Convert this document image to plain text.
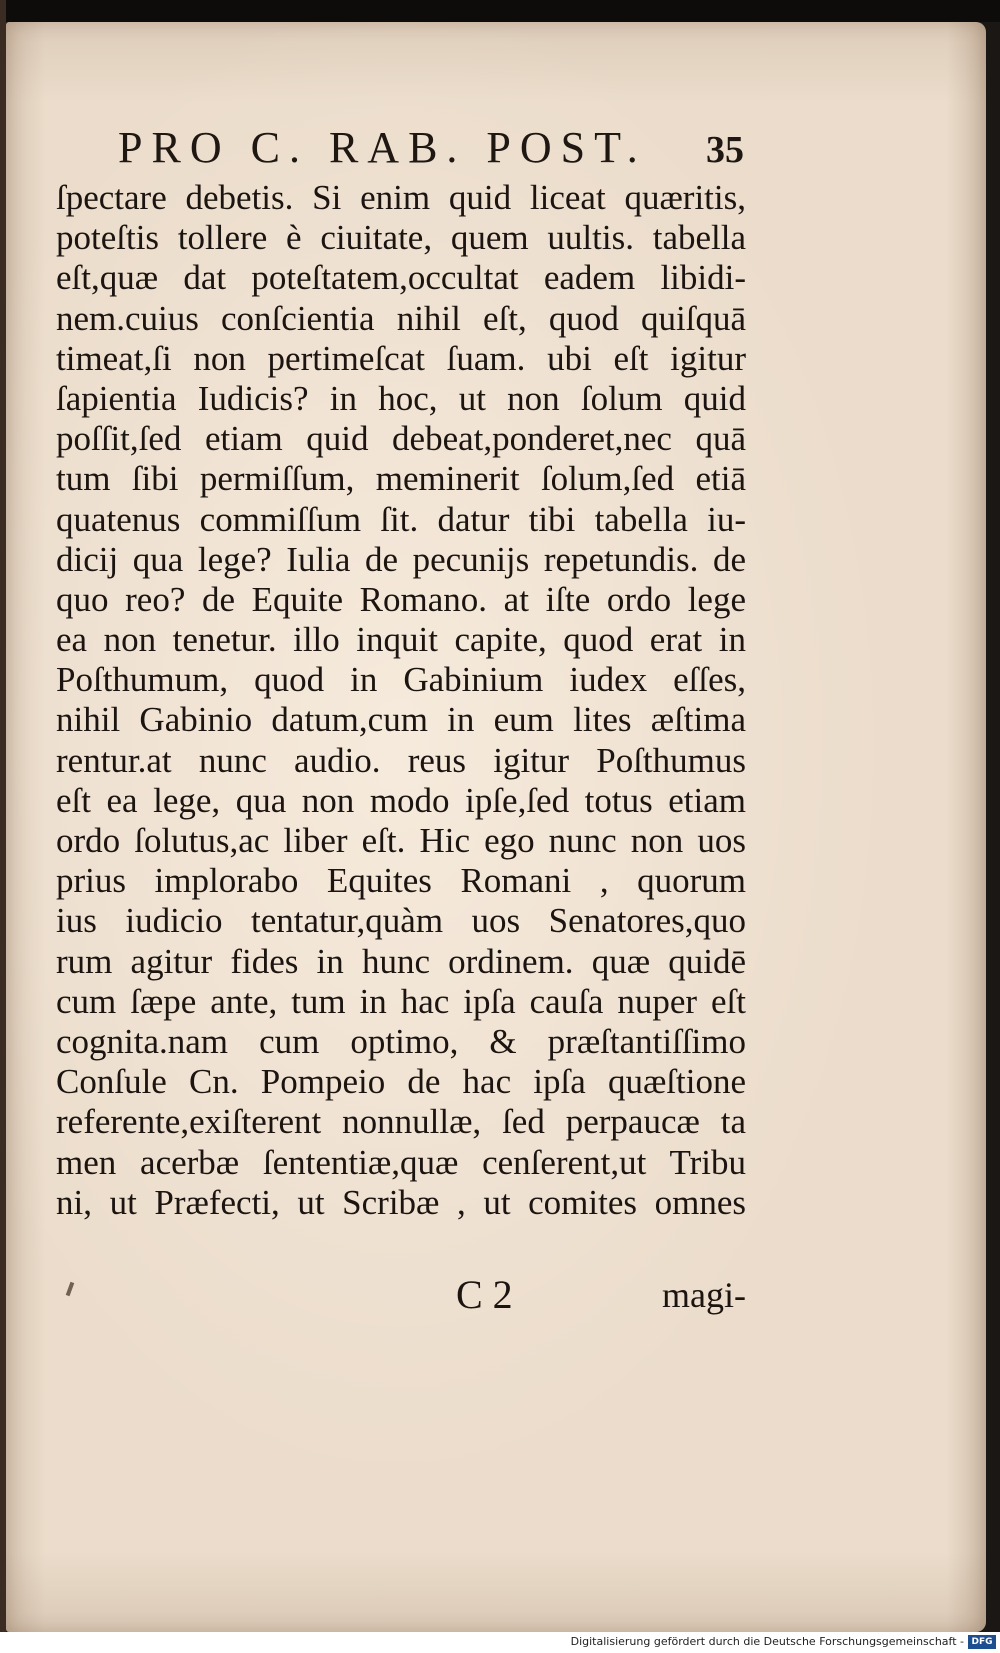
PRO C. RAB. POST. 35
ſpectare debetis. Si enim quid liceat quæritis,
poteſtis tollere è ciuitate, quem uultis. tabella
eſt,quæ dat poteſtatem,occultat eadem libidi-
nem.cuius conſcientia nihil eſt, quod quiſquā
timeat,ſi non pertimeſcat ſuam. ubi eſt igitur
ſapientia Iudicis? in hoc, ut non ſolum quid
poſſit,ſed etiam quid debeat,ponderet,nec quā
tum ſibi permiſſum, meminerit ſolum,ſed etiā
quatenus commiſſum ſit. datur tibi tabella iu-
dicij qua lege? Iulia de pecunijs repetundis. de
quo reo? de Equite Romano. at iſte ordo lege
ea non tenetur. illo inquit capite, quod erat in
Poſthumum, quod in Gabinium iudex eſſes,
nihil Gabinio datum,cum in eum lites æſtima
rentur.at nunc audio. reus igitur Poſthumus
eſt ea lege, qua non modo ipſe,ſed totus etiam
ordo ſolutus,ac liber eſt. Hic ego nunc non uos
prius implorabo Equites Romani , quorum
ius iudicio tentatur,quàm uos Senatores,quo
rum agitur fides in hunc ordinem. quæ quidē
cum ſæpe ante, tum in hac ipſa cauſa nuper eſt
cognita.nam cum optimo, & præſtantiſſimo
Conſule Cn. Pompeio de hac ipſa quæſtione
referente,exiſterent nonnullæ, ſed perpaucæ ta
men acerbæ ſententiæ,quæ cenſerent,ut Tribu
ni, ut Præfecti, ut Scribæ , ut comites omnes
C 2	magi-
Digitalisierung gefördert durch die Deutsche Forschungsgemeinschaft - DFG
